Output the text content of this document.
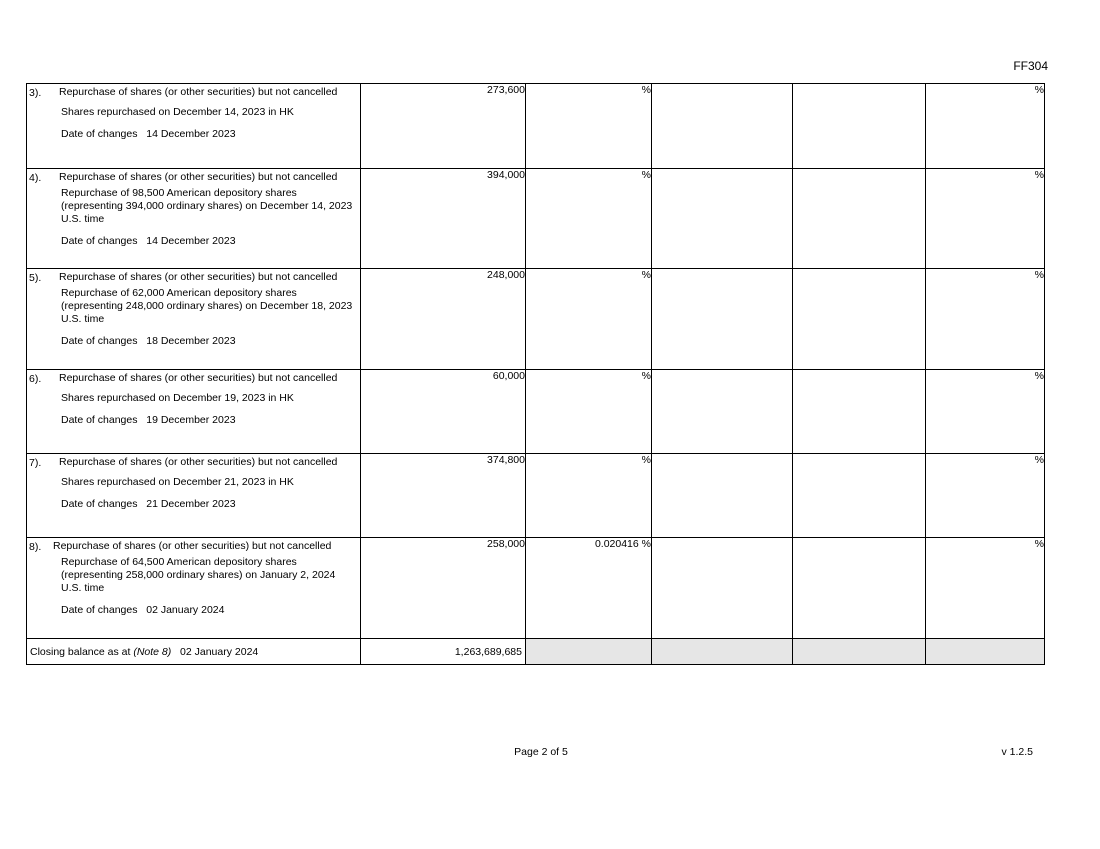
FF304
3). Repurchase of shares (or other securities) but not cancelled
Shares repurchased on December 14, 2023 in HK
Date of changes 14 December 2023	273,600	%			%

4). Repurchase of shares (or other securities) but not cancelled
Repurchase of 98,500 American depository shares (representing 394,000 ordinary shares) on December 14, 2023 U.S. time
Date of changes 14 December 2023	394,000	%			%

5). Repurchase of shares (or other securities) but not cancelled
Repurchase of 62,000 American depository shares (representing 248,000 ordinary shares) on December 18, 2023 U.S. time
Date of changes 18 December 2023	248,000	%			%

6). Repurchase of shares (or other securities) but not cancelled
Shares repurchased on December 19, 2023 in HK
Date of changes 19 December 2023	60,000	%			%

7). Repurchase of shares (or other securities) but not cancelled
Shares repurchased on December 21, 2023 in HK
Date of changes 21 December 2023	374,800	%			%

8). Repurchase of shares (or other securities) but not cancelled
Repurchase of 64,500 American depository shares (representing 258,000 ordinary shares) on January 2, 2024 U.S. time
Date of changes 02 January 2024	258,000	0.020416 %			%
Closing balance as at (Note 8) 02 January 2024	1,263,689,685				
Page 2 of 5	v 1.2.5
